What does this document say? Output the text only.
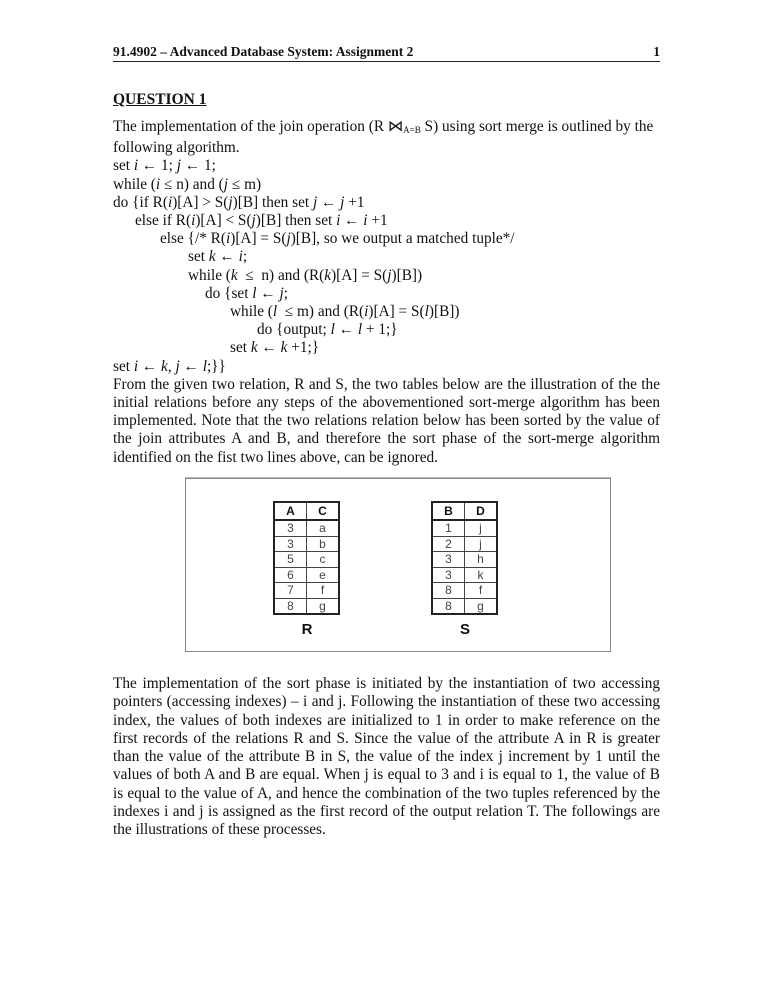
91.4902 – Advanced Database System: Assignment 2	1
QUESTION 1
The implementation of the join operation (R $⋈_{A=B}$ S) using sort merge is outlined by the
following algorithm.
set i ← 1; j ← 1;
while (i ≤ n) and (j ≤ m)
do {if R(i)[A] > S(j)[B] then set j ← j +1
else if R(i)[A] < S(j)[B] then set i ← i +1
else {/* R(i)[A] = S(j)[B], so we output a matched tuple*/
set k ← i;
while (k  ≤  n) and (R(k)[A] = S(j)[B])
do {set l ← j;
while (l  ≤ m) and (R(i)[A] = S(l)[B])
do {output; l ← l + 1;}
set k ← k +1;}
set i ← k, j ← l;}}
From the given two relation, R and S, the two tables below are the illustration of the the initial relations before any steps of the abovementioned sort-merge algorithm has been implemented. Note that the two relations relation below has been sorted by the value of the join attributes A and B, and therefore the sort phase of the sort-merge algorithm identified on the fist two lines above, can be ignored.
A	C
3	a
3	b
5	c
6	e
7	f
8	g
R
B	D
1	j
2	j
3	h
3	k
8	f
8	g
S
The implementation of the sort phase is initiated by the instantiation of two accessing pointers (accessing indexes) – i and j. Following the instantiation of these two accessing index, the values of both indexes are initialized to 1 in order to make reference on the first records of the relations R and S. Since the value of the attribute A in R is greater than the value of the attribute B in S, the value of the index j increment by 1 until the values of both A and B are equal. When j is equal to 3 and i is equal to 1, the value of B is equal to the value of A, and hence the combination of the two tuples referenced by the indexes i and j is assigned as the first record of the output relation T. The followings are the illustrations of these processes.
